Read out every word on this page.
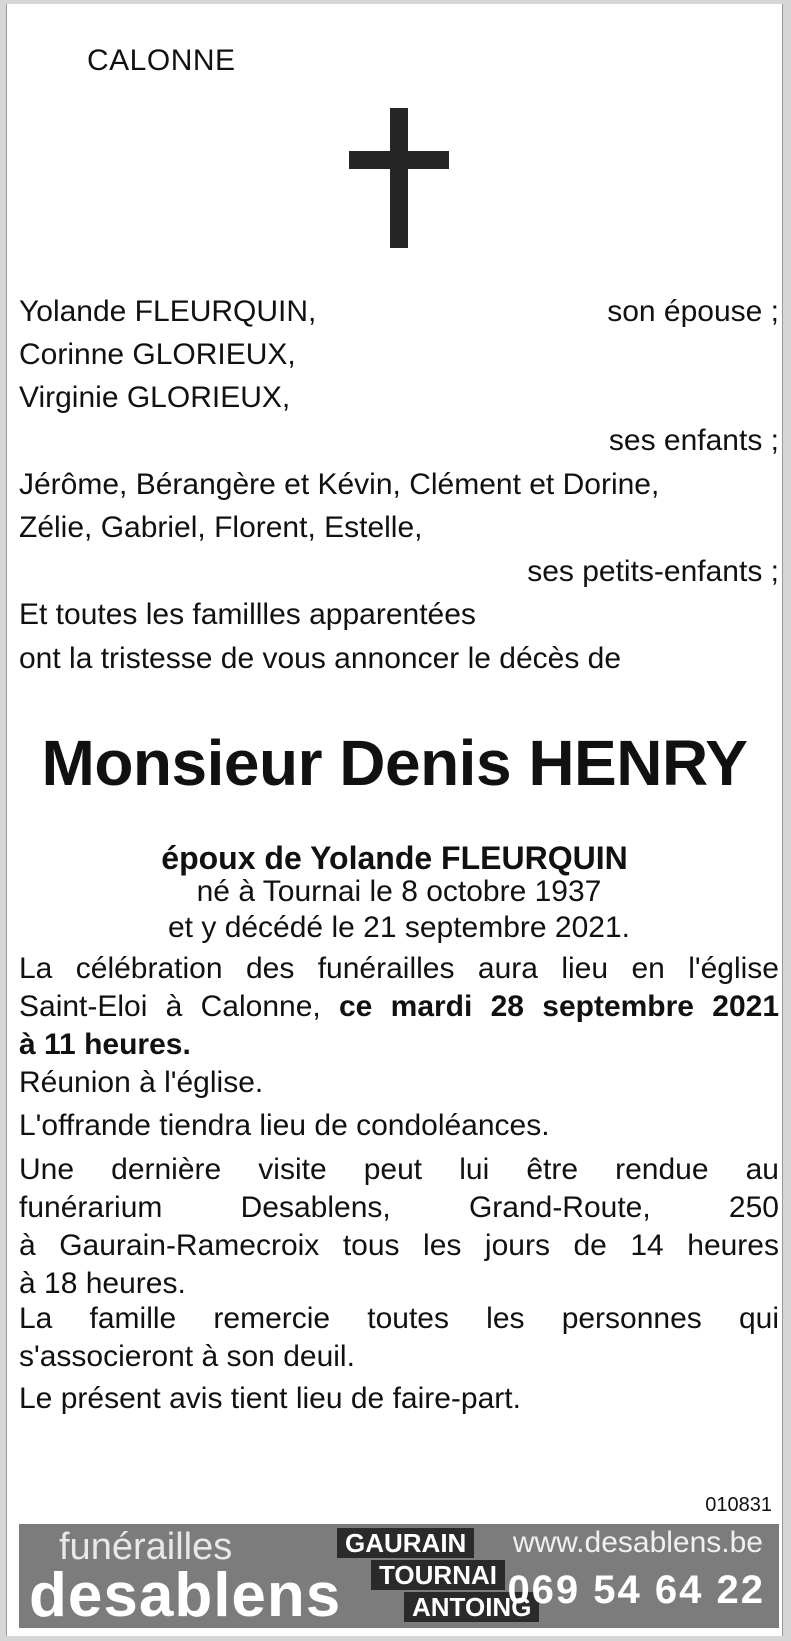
CALONNE
Yolande FLEURQUIN,	son épouse ;
Corinne GLORIEUX,
Virginie GLORIEUX,
ses enfants ;
Jérôme, Bérangère et Kévin, Clément et Dorine,
Zélie, Gabriel, Florent, Estelle,
ses petits-enfants ;
Et toutes les famillles apparentées
ont la tristesse de vous annoncer le décès de
Monsieur Denis HENRY
époux de Yolande FLEURQUIN
né à Tournai le 8 octobre 1937
et y décédé le 21 septembre 2021.
La célébration des funérailles aura lieu en l'église
Saint-Eloi à Calonne, ce mardi 28 septembre 2021
à 11 heures.
Réunion à l'église.
L'offrande tiendra lieu de condoléances.
Une dernière visite peut lui être rendue au
funérarium Desablens, Grand-Route, 250
à Gaurain-Ramecroix tous les jours de 14 heures
à 18 heures.
La famille remercie toutes les personnes qui
s'associeront à son deuil.
Le présent avis tient lieu de faire-part.
010831
funérailles
desablens
GAURAIN
TOURNAI
ANTOING
www.desablens.be
069 54 64 22
